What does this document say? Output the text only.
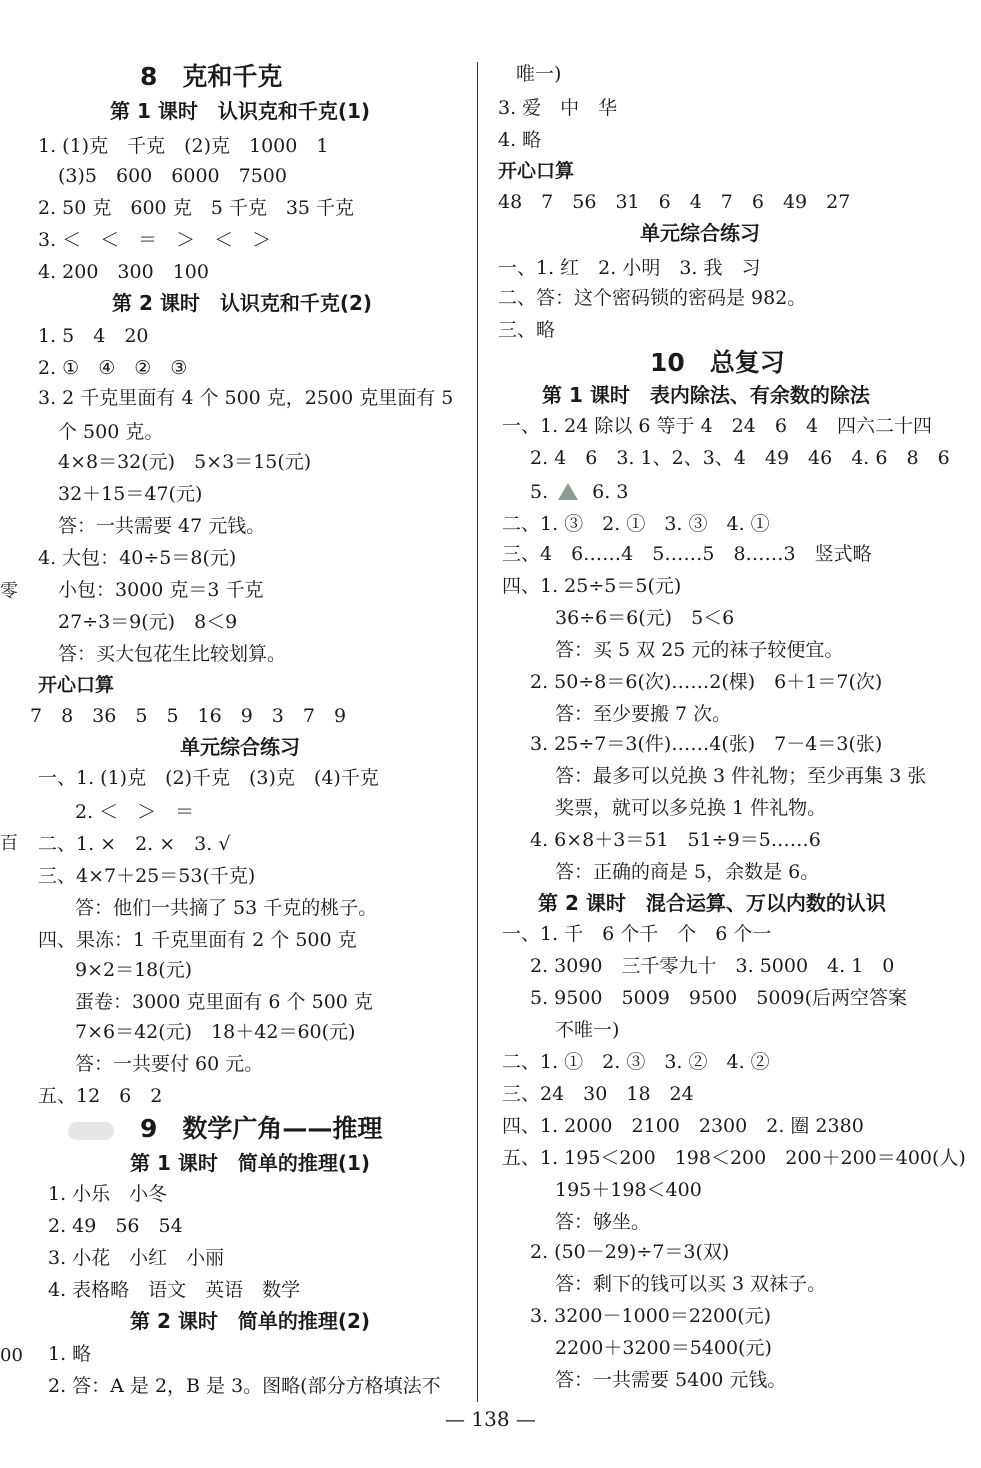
8　克和千克
第 1 课时　认识克和千克(1)
1. (1)克　千克　(2)克　1000　1
(3)5　600　6000　7500
2. 50 克　600 克　5 千克　35 千克
3. ＜　＜　＝　＞　＜　＞
4. 200　300　100
第 2 课时　认识克和千克(2)
1. 5　4　20
2. ①　④　②　③
3. 2 千克里面有 4 个 500 克，2500 克里面有 5
个 500 克。
4×8＝32(元)　5×3＝15(元)
32＋15＝47(元)
答：一共需要 47 元钱。
4. 大包：40÷5＝8(元)
小包：3000 克＝3 千克
27÷3＝9(元)　8＜9
答：买大包花生比较划算。
开心口算
7　8　36　5　5　16　9　3　7　9
单元综合练习
一、1. (1)克　(2)千克　(3)克　(4)千克
2. ＜　＞　＝
二、1. ×　2. ×　3. √
三、4×7＋25＝53(千克)
答：他们一共摘了 53 千克的桃子。
四、果冻：1 千克里面有 2 个 500 克
9×2＝18(元)
蛋卷：3000 克里面有 6 个 500 克
7×6＝42(元)　18＋42＝60(元)
答：一共要付 60 元。
五、12　6　2
9　数学广角——推理
第 1 课时　简单的推理(1)
1. 小乐　小冬
2. 49　56　54
3. 小花　小红　小丽
4. 表格略　语文　英语　数学
第 2 课时　简单的推理(2)
1. 略
2. 答：A 是 2，B 是 3。图略(部分方格填法不
唯一)
3. 爱　中　华
4. 略
开心口算
48　7　56　31　6　4　7　6　49　27
单元综合练习
一、1. 红　2. 小明　3. 我　习
二、答：这个密码锁的密码是 982。
三、略
10　总复习
第 1 课时　表内除法、有余数的除法
一、1. 24 除以 6 等于 4　24　6　4　四六二十四
2. 4　6　3. 1、2、3、4　49　46　4. 6　8　6
5. 6. 3
二、1. ③　2. ①　3. ③　4. ①
三、4　6……4　5……5　8……3　竖式略
四、1. 25÷5＝5(元)
36÷6＝6(元)　5＜6
答：买 5 双 25 元的袜子较便宜。
2. 50÷8＝6(次)……2(棵)　6＋1＝7(次)
答：至少要搬 7 次。
3. 25÷7＝3(件)……4(张)　7－4＝3(张)
答：最多可以兑换 3 件礼物；至少再集 3 张
奖票，就可以多兑换 1 件礼物。
4. 6×8＋3＝51　51÷9＝5……6
答：正确的商是 5，余数是 6。
第 2 课时　混合运算、万以内数的认识
一、1. 千　6 个千　个　6 个一
2. 3090　三千零九十　3. 5000　4. 1　0
5. 9500　5009　9500　5009(后两空答案
不唯一)
二、1. ①　2. ③　3. ②　4. ②
三、24　30　18　24
四、1. 2000　2100　2300　2. 圈 2380
五、1. 195＜200　198＜200　200＋200＝400(人)
195＋198＜400
答：够坐。
2. (50－29)÷7＝3(双)
答：剩下的钱可以买 3 双袜子。
3. 3200－1000＝2200(元)
2200＋3200＝5400(元)
答：一共需要 5400 元钱。
零
百
00
— 138 —
